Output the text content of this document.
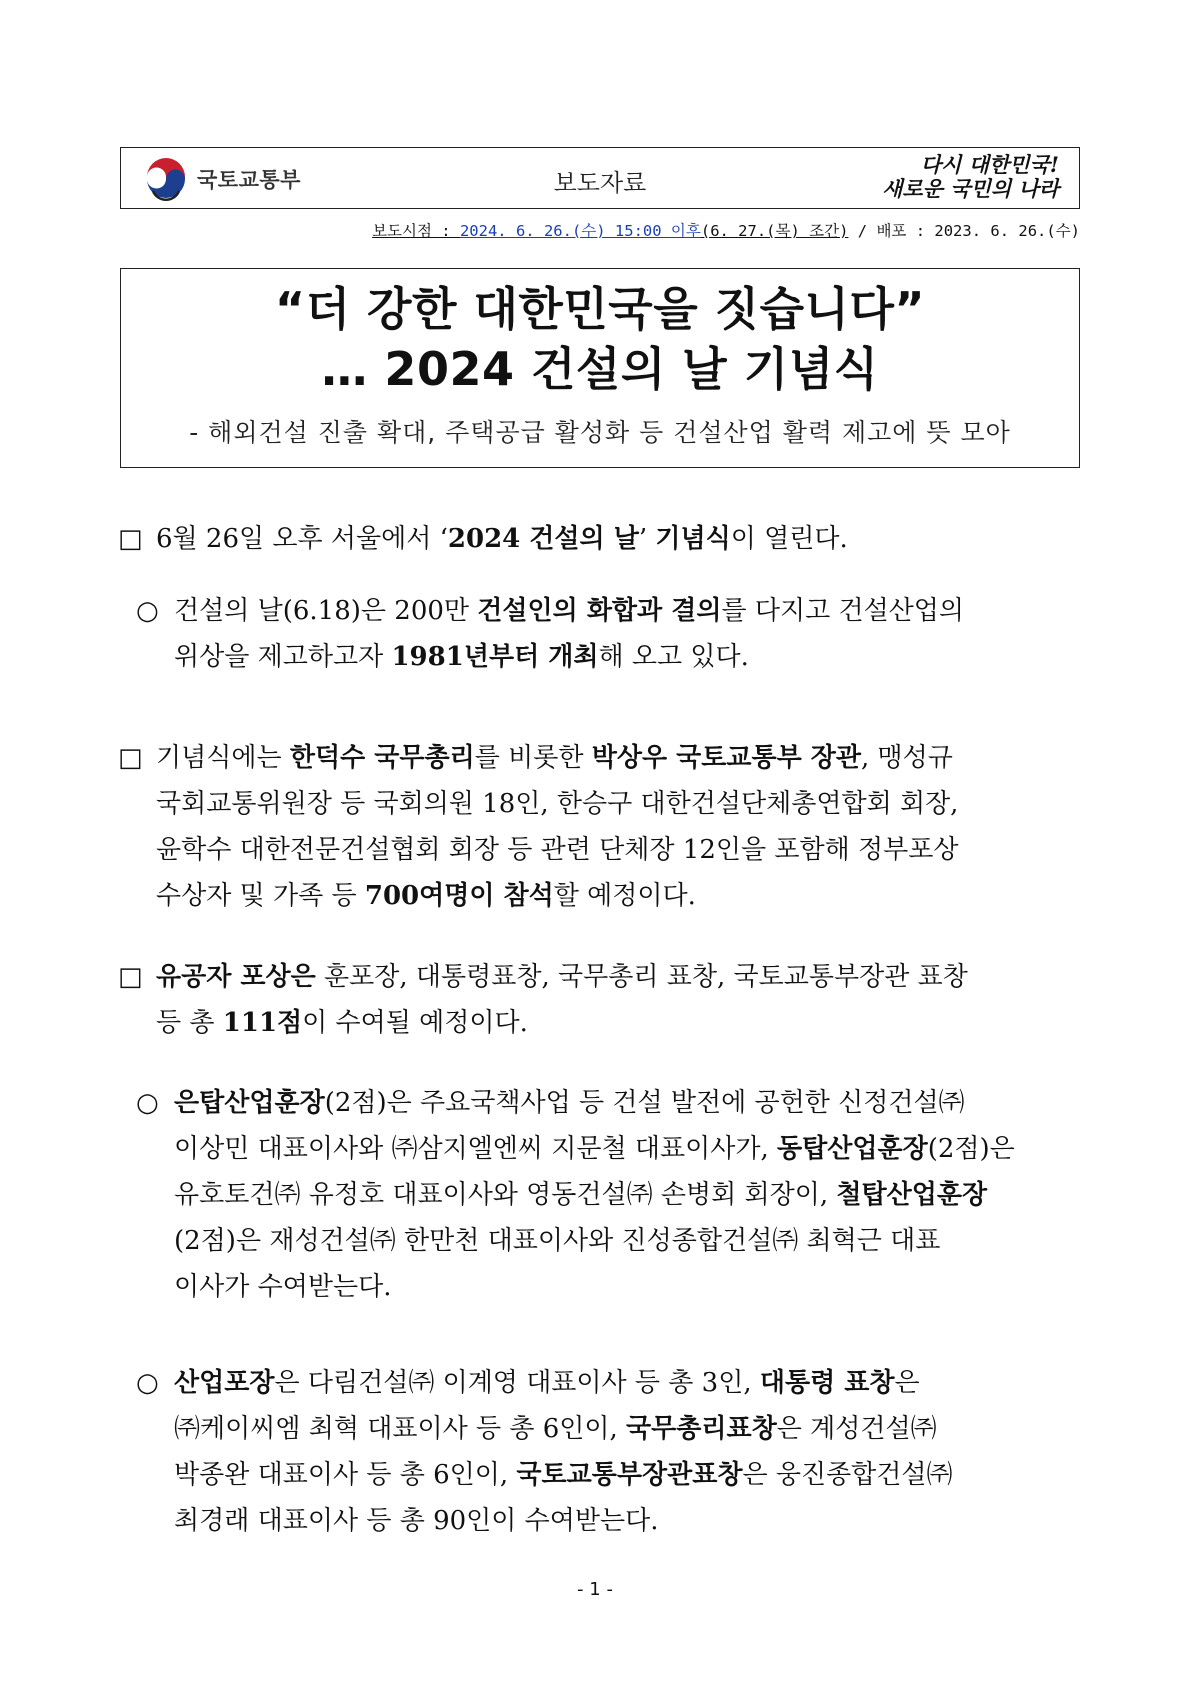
국토교통부	보도자료
다시 대한민국!
새로운 국민의 나라
보도시점 : 2024. 6. 26.(수) 15:00 이후(6. 27.(목) 조간) / 배포 : 2023. 6. 26.(수)
“더 강한 대한민국을 짓습니다”
… 2024 건설의 날 기념식
- 해외건설 진출 확대, 주택공급 활성화 등 건설산업 활력 제고에 뜻 모아
□ 6월 26일 오후 서울에서 ‘2024 건설의 날’ 기념식이 열린다.
○ 건설의 날(6.18)은 200만 건설인의 화합과 결의를 다지고 건설산업의
위상을 제고하고자 1981년부터 개최해 오고 있다.
□ 기념식에는 한덕수 국무총리를 비롯한 박상우 국토교통부 장관, 맹성규
국회교통위원장 등 국회의원 18인, 한승구 대한건설단체총연합회 회장,
윤학수 대한전문건설협회 회장 등 관련 단체장 12인을 포함해 정부포상
수상자 및 가족 등 700여명이 참석할 예정이다.
□ 유공자 포상은 훈포장, 대통령표창, 국무총리 표창, 국토교통부장관 표창
등 총 111점이 수여될 예정이다.
○ 은탑산업훈장(2점)은 주요국책사업 등 건설 발전에 공헌한 신정건설㈜
이상민 대표이사와 ㈜삼지엘엔씨 지문철 대표이사가, 동탑산업훈장(2점)은
유호토건㈜ 유정호 대표이사와 영동건설㈜ 손병회 회장이, 철탑산업훈장
(2점)은 재성건설㈜ 한만천 대표이사와 진성종합건설㈜ 최혁근 대표
이사가 수여받는다.
○ 산업포장은 다림건설㈜ 이계영 대표이사 등 총 3인, 대통령 표창은
㈜케이씨엠 최혁 대표이사 등 총 6인이, 국무총리표창은 계성건설㈜
박종완 대표이사 등 총 6인이, 국토교통부장관표창은 웅진종합건설㈜
최경래 대표이사 등 총 90인이 수여받는다.
- 1 -
